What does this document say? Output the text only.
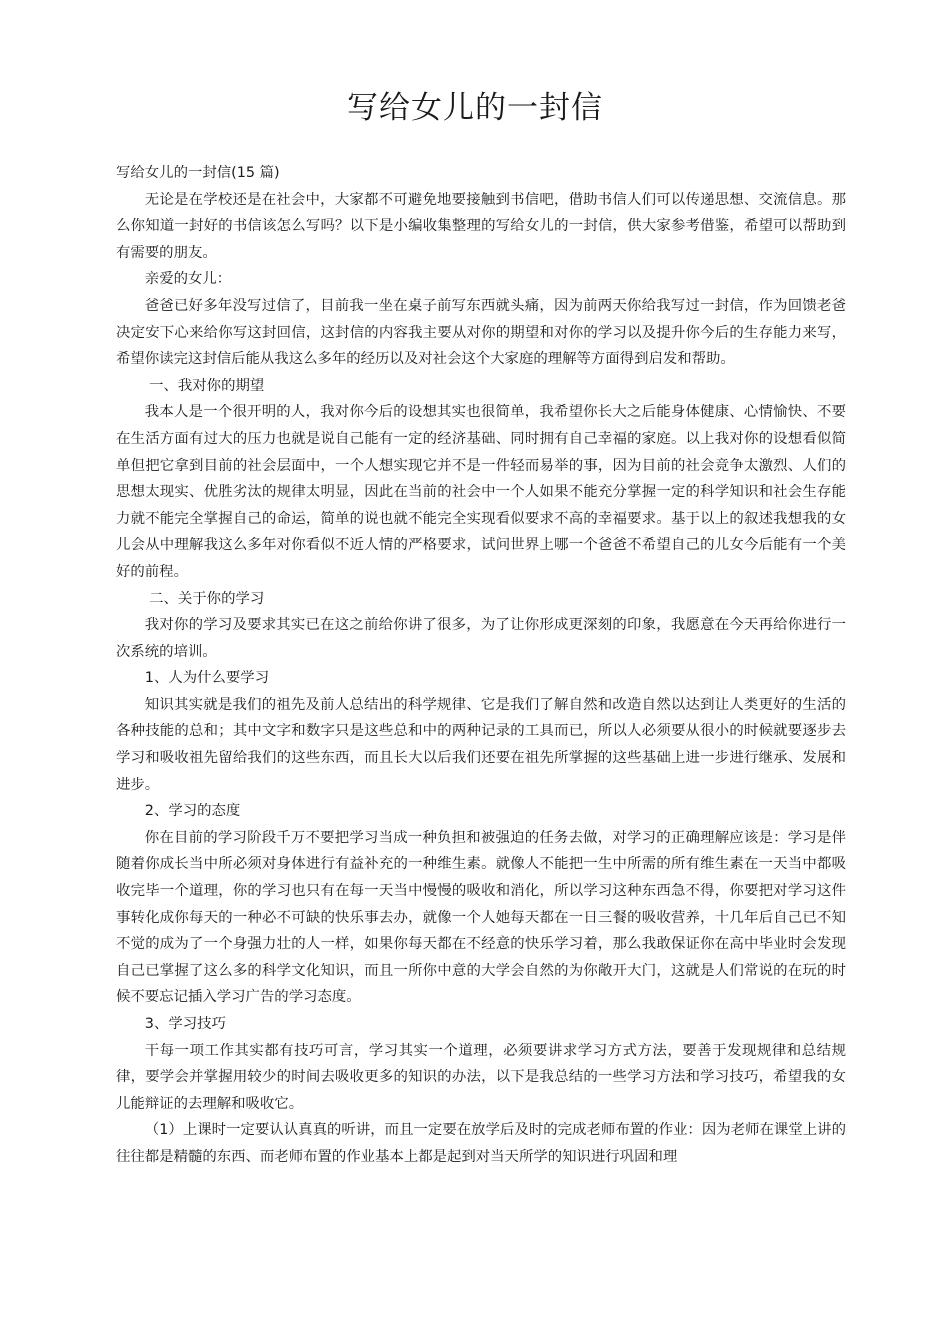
写给女儿的一封信

写给女儿的一封信(15 篇)

无论是在学校还是在社会中，大家都不可避免地要接触到书信吧，借助书信人们可以传递思想、交流信息。那么你知道一封好的书信该怎么写吗？以下是小编收集整理的写给女儿的一封信，供大家参考借鉴，希望可以帮助到有需要的朋友。

亲爱的女儿：

爸爸已好多年没写过信了，目前我一坐在桌子前写东西就头痛，因为前两天你给我写过一封信，作为回馈老爸决定安下心来给你写这封回信，这封信的内容我主要从对你的期望和对你的学习以及提升你今后的生存能力来写，希望你读完这封信后能从我这么多年的经历以及对社会这个大家庭的理解等方面得到启发和帮助。

一、我对你的期望

我本人是一个很开明的人，我对你今后的设想其实也很简单，我希望你长大之后能身体健康、心情愉快、不要在生活方面有过大的压力也就是说自己能有一定的经济基础、同时拥有自己幸福的家庭。以上我对你的设想看似简单但把它拿到目前的社会层面中，一个人想实现它并不是一件轻而易举的事，因为目前的社会竞争太激烈、人们的思想太现实、优胜劣汰的规律太明显，因此在当前的社会中一个人如果不能充分掌握一定的科学知识和社会生存能力就不能完全掌握自己的命运，简单的说也就不能完全实现看似要求不高的幸福要求。基于以上的叙述我想我的女儿会从中理解我这么多年对你看似不近人情的严格要求，试问世界上哪一个爸爸不希望自己的儿女今后能有一个美好的前程。

二、关于你的学习

我对你的学习及要求其实已在这之前给你讲了很多，为了让你形成更深刻的印象，我愿意在今天再给你进行一次系统的培训。

1、人为什么要学习

知识其实就是我们的祖先及前人总结出的科学规律、它是我们了解自然和改造自然以达到让人类更好的生活的各种技能的总和；其中文字和数字只是这些总和中的两种记录的工具而已，所以人必须要从很小的时候就要逐步去学习和吸收祖先留给我们的这些东西，而且长大以后我们还要在祖先所掌握的这些基础上进一步进行继承、发展和进步。

2、学习的态度

你在目前的学习阶段千万不要把学习当成一种负担和被强迫的任务去做，对学习的正确理解应该是：学习是伴随着你成长当中所必须对身体进行有益补充的一种维生素。就像人不能把一生中所需的所有维生素在一天当中都吸收完毕一个道理，你的学习也只有在每一天当中慢慢的吸收和消化，所以学习这种东西急不得，你要把对学习这件事转化成你每天的一种必不可缺的快乐事去办，就像一个人她每天都在一日三餐的吸收营养，十几年后自己已不知不觉的成为了一个身强力壮的人一样，如果你每天都在不经意的快乐学习着，那么我敢保证你在高中毕业时会发现自己已掌握了这么多的科学文化知识，而且一所你中意的大学会自然的为你敞开大门，这就是人们常说的在玩的时候不要忘记插入学习广告的学习态度。

3、学习技巧

干每一项工作其实都有技巧可言，学习其实一个道理，必须要讲求学习方式方法，要善于发现规律和总结规律，要学会并掌握用较少的时间去吸收更多的知识的办法，以下是我总结的一些学习方法和学习技巧，希望我的女儿能辩证的去理解和吸收它。

（1）上课时一定要认认真真的听讲，而且一定要在放学后及时的完成老师布置的作业：因为老师在课堂上讲的往往都是精髓的东西、而老师布置的作业基本上都是起到对当天所学的知识进行巩固和理
